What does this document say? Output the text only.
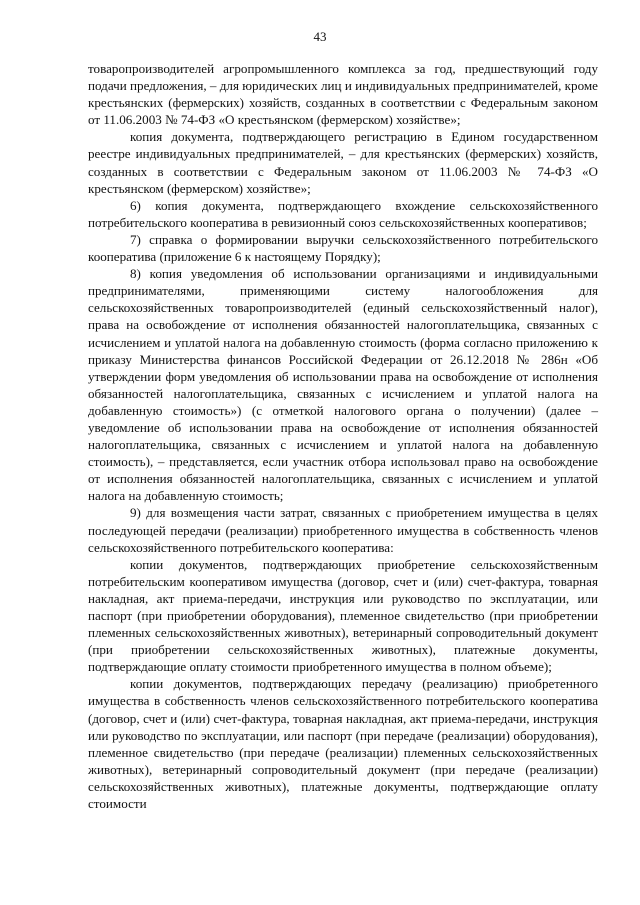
43

товаропроизводителей агропромышленного комплекса за год, предшествующий году подачи предложения, – для юридических лиц и индивидуальных предпринимателей, кроме крестьянских (фермерских) хозяйств, созданных в соответствии с Федеральным законом от 11.06.2003 № 74-ФЗ «О крестьянском (фермерском) хозяйстве»;

копия документа, подтверждающего регистрацию в Едином государственном реестре индивидуальных предпринимателей, – для крестьянских (фермерских) хозяйств, созданных в соответствии с Федеральным законом от 11.06.2003 № 74-ФЗ «О крестьянском (фермерском) хозяйстве»;

6) копия документа, подтверждающего вхождение сельскохозяйственного потребительского кооператива в ревизионный союз сельскохозяйственных кооперативов;

7) справка о формировании выручки сельскохозяйственного потребительского кооператива (приложение 6 к настоящему Порядку);

8) копия уведомления об использовании организациями и индивидуальными предпринимателями, применяющими систему налогообложения для сельскохозяйственных товаропроизводителей (единый сельскохозяйственный налог), права на освобождение от исполнения обязанностей налогоплательщика, связанных с исчислением и уплатой налога на добавленную стоимость (форма согласно приложению к приказу Министерства финансов Российской Федерации от 26.12.2018 № 286н «Об утверждении форм уведомления об использовании права на освобождение от исполнения обязанностей налогоплательщика, связанных с исчислением и уплатой налога на добавленную стоимость») (с отметкой налогового органа о получении) (далее – уведомление об использовании права на освобождение от исполнения обязанностей налогоплательщика, связанных с исчислением и уплатой налога на добавленную стоимость), – представляется, если участник отбора использовал право на освобождение от исполнения обязанностей налогоплательщика, связанных с исчислением и уплатой налога на добавленную стоимость;

9) для возмещения части затрат, связанных с приобретением имущества в целях последующей передачи (реализации) приобретенного имущества в собственность членов сельскохозяйственного потребительского кооператива:

копии документов, подтверждающих приобретение сельскохозяйственным потребительским кооперативом имущества (договор, счет и (или) счет-фактура, товарная накладная, акт приема-передачи, инструкция или руководство по эксплуатации, или паспорт (при приобретении оборудования), племенное свидетельство (при приобретении племенных сельскохозяйственных животных), ветеринарный сопроводительный документ (при приобретении сельскохозяйственных животных), платежные документы, подтверждающие оплату стоимости приобретенного имущества в полном объеме);

копии документов, подтверждающих передачу (реализацию) приобретенного имущества в собственность членов сельскохозяйственного потребительского кооператива (договор, счет и (или) счет-фактура, товарная накладная, акт приема-передачи, инструкция или руководство по эксплуатации, или паспорт (при передаче (реализации) оборудования), племенное свидетельство (при передаче (реализации) племенных сельскохозяйственных животных), ветеринарный сопроводительный документ (при передаче (реализации) сельскохозяйственных животных), платежные документы, подтверждающие оплату стоимости
